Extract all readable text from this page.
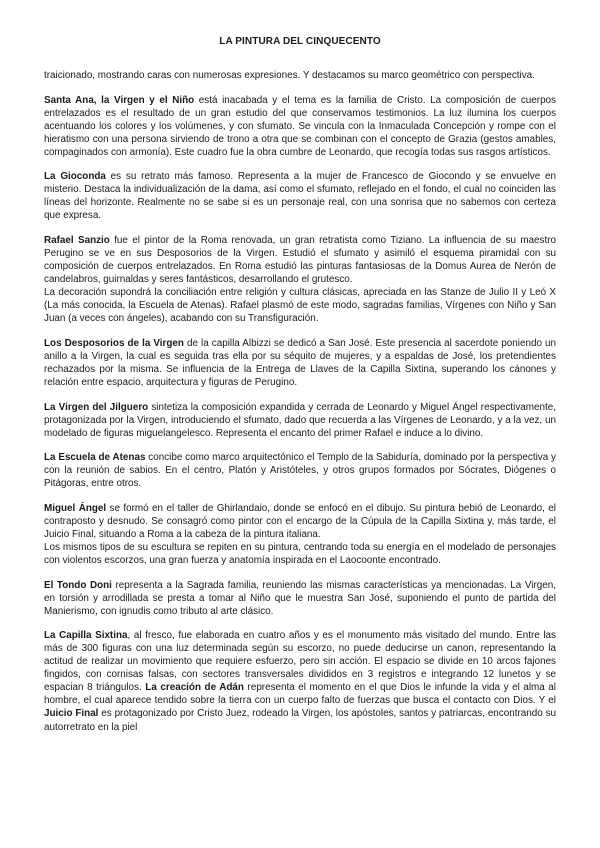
LA PINTURA DEL CINQUECENTO

traicionado, mostrando caras con numerosas expresiones. Y destacamos su marco geométrico con perspectiva.

Santa Ana, la Virgen y el Niño está inacabada y el tema es la familia de Cristo. La composición de cuerpos entrelazados es el resultado de un gran estudio del que conservamos testimonios. La luz ilumina los cuerpos acentuando los colores y los volúmenes, y con sfumato. Se vincula con la Inmaculada Concepción y rompe con el hieratismo con una persona sirviendo de trono a otra que se combinan con el concepto de Grazia (gestos amables, compaginados con armonía). Este cuadro fue la obra cumbre de Leonardo, que recogía todas sus rasgos artísticos.

La Gioconda es su retrato más famoso. Representa a la mujer de Francesco de Giocondo y se envuelve en misterio. Destaca la individualización de la dama, así como el sfumato, reflejado en el fondo, el cual no coinciden las líneas del horizonte. Realmente no se sabe si es un personaje real, con una sonrisa que no sabemos con certeza que expresa.

Rafael Sanzio fue el pintor de la Roma renovada, un gran retratista como Tiziano. La influencia de su maestro Perugino se ve en sus Desposorios de la Virgen. Estudió el sfumato y asimiló el esquema piramidal con su composición de cuerpos entrelazados. En Roma estudió las pinturas fantasiosas de la Domus Aurea de Nerón de candelabros, guirnaldas y seres fantásticos, desarrollando el grutesco.
La decoración supondrá la conciliación entre religión y cultura clásicas, apreciada en las Stanze de Julio II y Leó X (La más conocida, la Escuela de Atenas). Rafael plasmó de este modo, sagradas familias, Vírgenes con Niño y San Juan (a veces con ángeles), acabando con su Transfiguración.

Los Desposorios de la Virgen de la capilla Albizzi se dedicó a San José. Este presencia al sacerdote poniendo un anillo a la Virgen, la cual es seguida tras ella por su séquito de mujeres, y a espaldas de José, los pretendientes rechazados por la misma. Se influencia de la Entrega de Llaves de la Capilla Sixtina, superando los cánones y relación entre espacio, arquitectura y figuras de Perugino.

La Virgen del Jilguero sintetiza la composición expandida y cerrada de Leonardo y Miguel Ángel respectivamente, protagonizada por la Virgen, introduciendo el sfumato, dado que recuerda a las Vírgenes de Leonardo, y a la vez, un modelado de figuras miguelangelesco. Representa el encanto del primer Rafael e induce a lo divino.

La Escuela de Atenas concibe como marco arquitectónico el Templo de la Sabiduría, dominado por la perspectiva y con la reunión de sabios. En el centro, Platón y Aristóteles, y otros grupos formados por Sócrates, Diógenes o Pitágoras, entre otros.

Miguel Ángel se formó en el taller de Ghirlandaio, donde se enfocó en el dibujo. Su pintura bebió de Leonardo, el contraposto y desnudo. Se consagró como pintor con el encargo de la Cúpula de la Capilla Sixtina y, más tarde, el Juicio Final, situando a Roma a la cabeza de la pintura italiana.
Los mismos tipos de su escultura se repiten en su pintura, centrando toda su energía en el modelado de personajes con violentos escorzos, una gran fuerza y anatomía inspirada en el Laocoonte encontrado.

El Tondo Doni representa a la Sagrada familia, reuniendo las mismas características ya mencionadas. La Virgen, en torsión y arrodillada se presta a tomar al Niño que le muestra San José, suponiendo el punto de partida del Manierismo, con ignudis como tributo al arte clásico.

La Capilla Sixtina, al fresco, fue elaborada en cuatro años y es el monumento más visitado del mundo. Entre las más de 300 figuras con una luz determinada según su escorzo, no puede deducirse un canon, representando la actitud de realizar un movimiento que requiere esfuerzo, pero sin acción. El espacio se divide en 10 arcos fajones fingidos, con cornisas falsas, con sectores transversales divididos en 3 registros e integrando 12 lunetos y se espacian 8 triángulos. La creación de Adán representa el momento en el que Dios le infunde la vida y el alma al hombre, el cual aparece tendido sobre la tierra con un cuerpo falto de fuerzas que busca el contacto con Dios. Y el Juicio Final es protagonizado por Cristo Juez, rodeado la Virgen, los apóstoles, santos y patriarcas, encontrando su autorretrato en la piel
